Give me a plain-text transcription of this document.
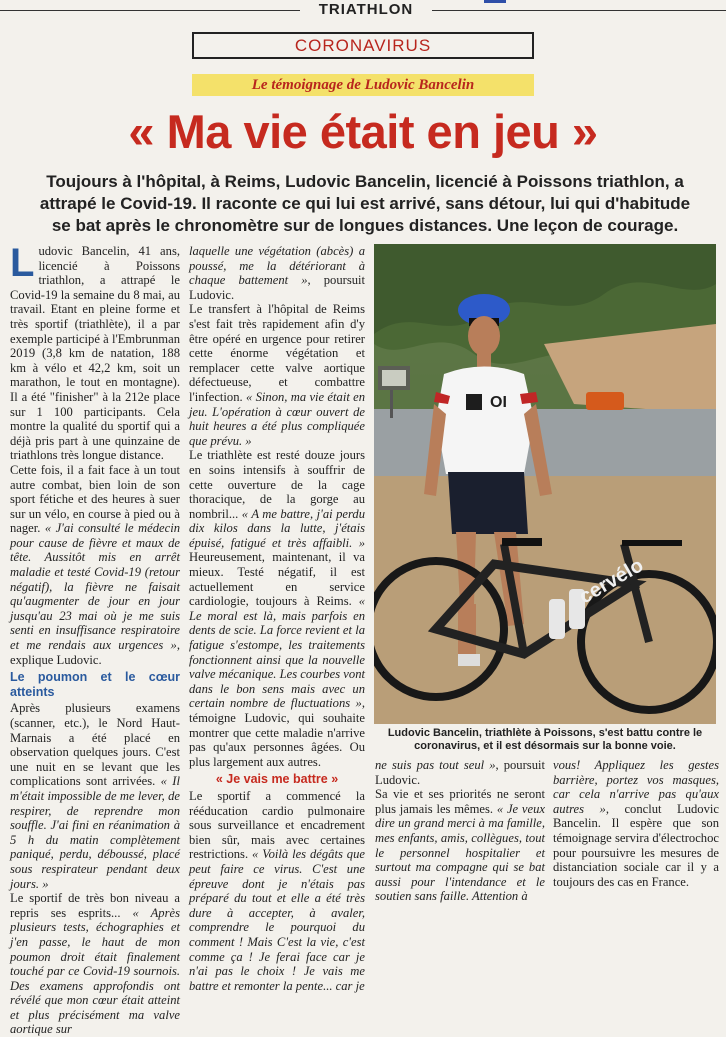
TRIATHLON
CORONAVIRUS
Le témoignage de Ludovic Bancelin
« Ma vie était en jeu »
Toujours à l'hôpital, à Reims, Ludovic Bancelin, licencié à Poissons triathlon, a attrapé le Covid-19. Il raconte ce qui lui est arrivé, sans détour, lui qui d'habitude se bat après le chronomètre sur de longues distances. Une leçon de courage.

Ludovic Bancelin, 41 ans, licencié à Poissons triathlon, a attrapé le Covid-19 la semaine du 8 mai, au travail. Etant en pleine forme et très sportif (triathlète), il a par exemple participé à l'Embrunman 2019 (3,8 km de natation, 188 km à vélo et 42,2 km, soit un marathon, le tout en montagne). Il a été "finisher" à la 212e place sur 1 100 participants. Cela montre la qualité du sportif qui a déjà pris part à une quinzaine de triathlons très longue distance.

Cette fois, il a fait face à un tout autre combat, bien loin de son sport fétiche et des heures à suer sur un vélo, en course à pied ou à nager. « J'ai consulté le médecin pour cause de fièvre et maux de tête. Aussitôt mis en arrêt maladie et testé Covid-19 (retour négatif), la fièvre ne faisait qu'augmenter de jour en jour jusqu'au 23 mai où je me suis senti en insuffisance respiratoire et me rendais aux urgences », explique Ludovic.

Le poumon et le cœur atteints

Après plusieurs examens (scanner, etc.), le Nord Haut-Marnais a été placé en observation quelques jours. C'est une nuit en se levant que les complications sont arrivées. « Il m'était impossible de me lever, de respirer, de reprendre mon souffle. J'ai fini en réanimation à 5 h du matin complètement paniqué, perdu, déboussé, placé sous respirateur pendant deux jours. »

Le sportif de très bon niveau a repris ses esprits... « Après plusieurs tests, échographies et j'en passe, le haut de mon poumon droit était finalement touché par ce Covid-19 sournois. Des examens approfondis ont révélé que mon cœur était atteint et plus précisément ma valve aortique sur

laquelle une végétation (abcès) a poussé, me la détériorant à chaque battement », poursuit Ludovic.

Le transfert à l'hôpital de Reims s'est fait très rapidement afin d'y être opéré en urgence pour retirer cette énorme végétation et remplacer cette valve aortique défectueuse, et combattre l'infection. « Sinon, ma vie était en jeu. L'opération à cœur ouvert de huit heures a été plus compliquée que prévu. »

Le triathlète est resté douze jours en soins intensifs à souffrir de cette ouverture de la cage thoracique, de la gorge au nombril... « A me battre, j'ai perdu dix kilos dans la lutte, j'étais épuisé, fatigué et très affaibli. » Heureusement, maintenant, il va mieux. Testé négatif, il est actuellement en service cardiologie, toujours à Reims. « Le moral est là, mais parfois en dents de scie. La force revient et la fatigue s'estompe, les traitements fonctionnent ainsi que la nouvelle valve mécanique. Les courbes vont dans le bon sens mais avec un certain nombre de fluctuations », témoigne Ludovic, qui souhaite montrer que cette maladie n'arrive pas qu'aux personnes âgées. Ou plus largement aux autres.

« Je vais me battre »

Le sportif a commencé la rééducation cardio pulmonaire sous surveillance et encadrement bien sûr, mais avec certaines restrictions. « Voilà les dégâts que peut faire ce virus. C'est une épreuve dont je n'étais pas préparé du tout et elle a été très dure à accepter, à avaler, comprendre le pourquoi du comment ! Mais C'est la vie, c'est comme ça ! Je ferai face car je n'ai pas le choix ! Je vais me battre et remonter la pente... car je

OI
cervélo
Ludovic Bancelin, triathlète à Poissons, s'est battu contre le coronavirus, et il est désormais sur la bonne voie.

ne suis pas tout seul », poursuit Ludovic.

Sa vie et ses priorités ne seront plus jamais les mêmes. « Je veux dire un grand merci à ma famille, mes enfants, amis, collègues, tout le personnel hospitalier et surtout ma compagne qui se bat aussi pour l'intendance et le soutien sans faille. Attention à

vous! Appliquez les gestes barrière, portez vos masques, car cela n'arrive pas qu'aux autres », conclut Ludovic Bancelin. Il espère que son témoignage servira d'électrochoc pour poursuivre les mesures de distanciation sociale car il y a toujours des cas en France.
